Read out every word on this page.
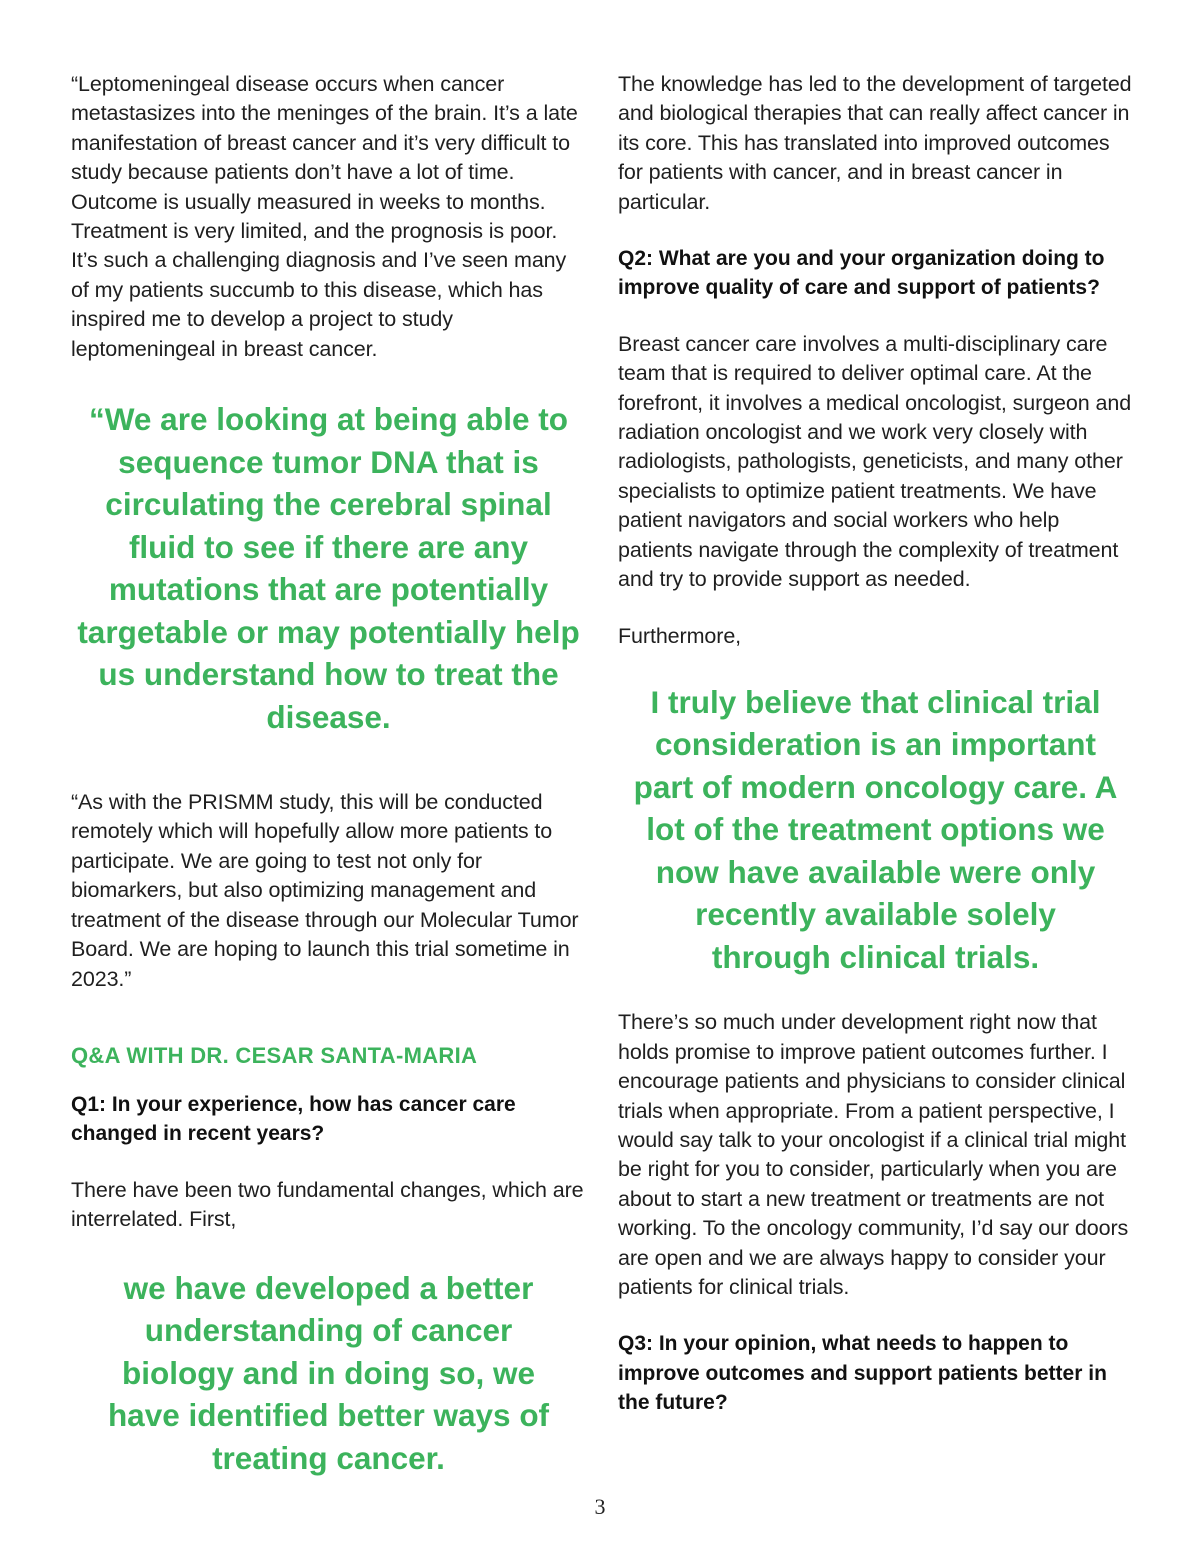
“Leptomeningeal disease occurs when cancer metastasizes into the meninges of the brain. It’s a late manifestation of breast cancer and it’s very difficult to study because patients don’t have a lot of time. Outcome is usually measured in weeks to months. Treatment is very limited, and the prognosis is poor. It’s such a challenging diagnosis and I’ve seen many of my patients succumb to this disease, which has inspired me to develop a project to study leptomeningeal in breast cancer.

“We are looking at being able to sequence tumor DNA that is circulating the cerebral spinal fluid to see if there are any mutations that are potentially targetable or may potentially help us understand how to treat the disease.

“As with the PRISMM study, this will be conducted remotely which will hopefully allow more patients to participate. We are going to test not only for biomarkers, but also optimizing management and treatment of the disease through our Molecular Tumor Board. We are hoping to launch this trial sometime in 2023.”

Q&A WITH DR. CESAR SANTA-MARIA

Q1: In your experience, how has cancer care changed in recent years?

There have been two fundamental changes, which are interrelated. First,

we have developed a better understanding of cancer biology and in doing so, we have identified better ways of treating cancer.

The knowledge has led to the development of targeted and biological therapies that can really affect cancer in its core. This has translated into improved outcomes for patients with cancer, and in breast cancer in particular.

Q2: What are you and your organization doing to improve quality of care and support of patients?

Breast cancer care involves a multi-disciplinary care team that is required to deliver optimal care. At the forefront, it involves a medical oncologist, surgeon and radiation oncologist and we work very closely with radiologists, pathologists, geneticists, and many other specialists to optimize patient treatments. We have patient navigators and social workers who help patients navigate through the complexity of treatment and try to provide support as needed.

Furthermore,

I truly believe that clinical trial consideration is an important part of modern oncology care. A lot of the treatment options we now have available were only recently available solely through clinical trials.

There’s so much under development right now that holds promise to improve patient outcomes further. I encourage patients and physicians to consider clinical trials when appropriate. From a patient perspective, I would say talk to your oncologist if a clinical trial might be right for you to consider, particularly when you are about to start a new treatment or treatments are not working. To the oncology community, I’d say our doors are open and we are always happy to consider your patients for clinical trials.

Q3: In your opinion, what needs to happen to improve outcomes and support patients better in the future?

3
